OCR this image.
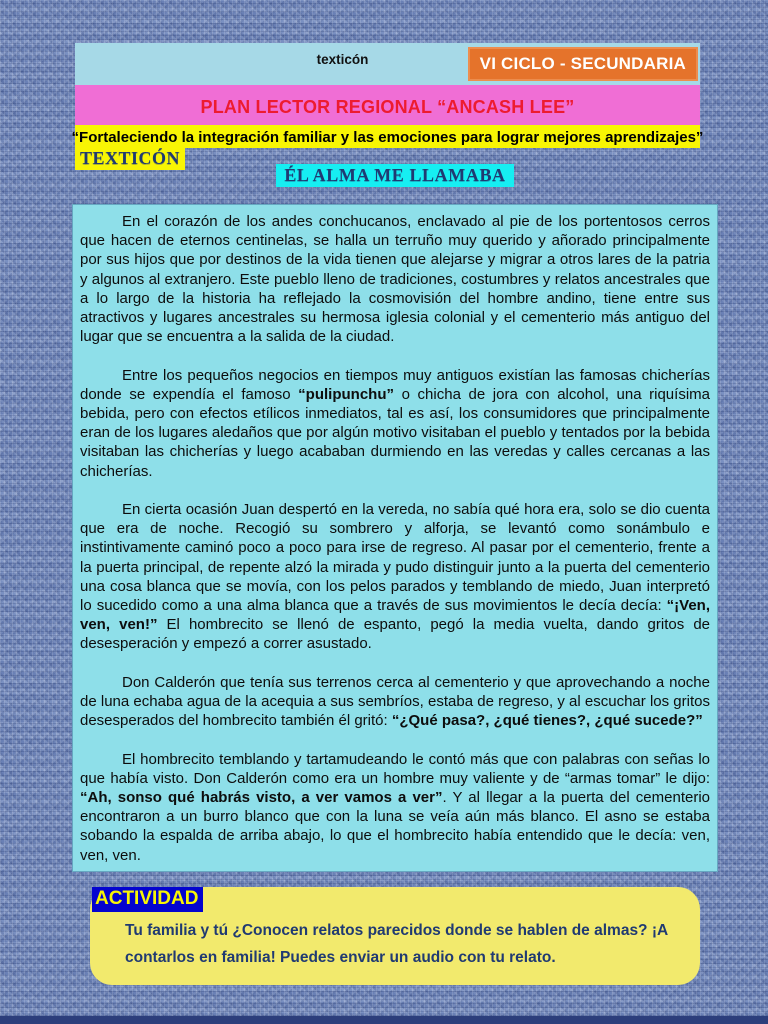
texticón	VI CICLO - SECUNDARIA
PLAN LECTOR REGIONAL “ANCASH LEE”
“Fortaleciendo la integración familiar y las emociones para lograr mejores aprendizajes”
TEXTICÓN
ÉL ALMA ME LLAMABA

En el corazón de los andes conchucanos, enclavado al pie de los portentosos cerros que hacen de eternos centinelas, se halla un terruño muy querido y añorado principalmente por sus hijos que por destinos de la vida tienen que alejarse y migrar a otros lares de la patria y algunos al extranjero. Este pueblo lleno de tradiciones, costumbres y relatos ancestrales que a lo largo de la historia ha reflejado la cosmovisión del hombre andino, tiene entre sus atractivos y lugares ancestrales su hermosa iglesia colonial y el cementerio más antiguo del lugar que se encuentra a la salida de la ciudad.

Entre los pequeños negocios en tiempos muy antiguos existían las famosas chicherías donde se expendía el famoso “pulipunchu” o chicha de jora con alcohol, una riquísima bebida, pero con efectos etílicos inmediatos, tal es así, los consumidores que principalmente eran de los lugares aledaños que por algún motivo visitaban el pueblo y tentados por la bebida visitaban las chicherías y luego acababan durmiendo en las veredas y calles cercanas a las chicherías.

En cierta ocasión Juan despertó en la vereda, no sabía qué hora era, solo se dio cuenta que era de noche. Recogió su sombrero y alforja, se levantó como sonámbulo e instintivamente caminó poco a poco para irse de regreso. Al pasar por el cementerio, frente a la puerta principal, de repente alzó la mirada y pudo distinguir junto a la puerta del cementerio una cosa blanca que se movía, con los pelos parados y temblando de miedo, Juan interpretó lo sucedido como a una alma blanca que a través de sus movimientos le decía decía: “¡Ven, ven, ven!” El hombrecito se llenó de espanto, pegó la media vuelta, dando gritos de desesperación y empezó a correr asustado.

Don Calderón que tenía sus terrenos cerca al cementerio y que aprovechando a noche de luna echaba agua de la acequia a sus sembríos, estaba de regreso, y al escuchar los gritos desesperados del hombrecito también él gritó: “¿Qué pasa?, ¿qué tienes?, ¿qué sucede?”

El hombrecito temblando y tartamudeando le contó más que con palabras con señas lo que había visto. Don Calderón como era un hombre muy valiente y de “armas tomar” le dijo: “Ah, sonso qué habrás visto, a ver vamos a ver”. Y al llegar a la puerta del cementerio encontraron a un burro blanco que con la luna se veía aún más blanco. El asno se estaba sobando la espalda de arriba abajo, lo que el hombrecito había entendido que le decía: ven, ven, ven.

ACTIVIDAD
Tu familia y tú ¿Conocen relatos parecidos donde se hablen de almas? ¡A contarlos en familia! Puedes enviar un audio con tu relato.
